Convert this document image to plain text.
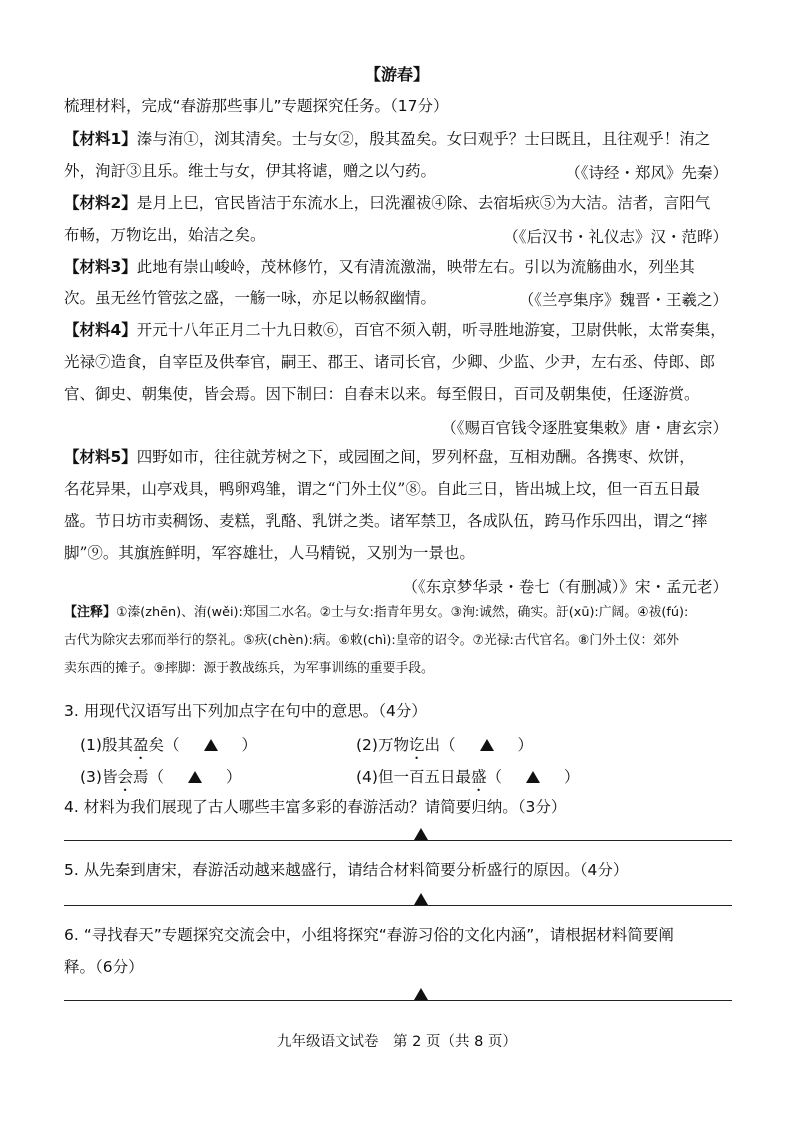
【游春】
梳理材料，完成“春游那些事儿”专题探究任务。（17分）
【材料1】溱与洧①，浏其清矣。士与女②，殷其盈矣。女曰观乎？士曰既且，且往观乎！洧之
外，洵訏③且乐。维士与女，伊其将谑，赠之以勺药。	（《诗经・郑风》先秦）
【材料2】是月上巳，官民皆洁于东流水上，曰洗濯祓④除、去宿垢疢⑤为大洁。洁者，言阳气
布畅，万物讫出，始洁之矣。	（《后汉书・礼仪志》汉・范晔）
【材料3】此地有崇山峻岭，茂林修竹，又有清流激湍，映带左右。引以为流觞曲水，列坐其
次。虽无丝竹管弦之盛，一觞一咏，亦足以畅叙幽情。	（《兰亭集序》魏晋・王羲之）
【材料4】开元十八年正月二十九日敕⑥，百官不须入朝，听寻胜地游宴，卫尉供帐，太常奏集，
光禄⑦造食，自宰臣及供奉官，嗣王、郡王、诸司长官，少卿、少监、少尹，左右丞、侍郎、郎
官、御史、朝集使，皆会焉。因下制曰：自春末以来。每至假日，百司及朝集使，任逐游赏。
（《赐百官钱令逐胜宴集敕》唐・唐玄宗）
【材料5】四野如市，往往就芳树之下，或园囿之间，罗列杯盘，互相劝酬。各携枣、炊饼，
名花异果，山亭戏具，鸭卵鸡雏，谓之“门外土仪”⑧。自此三日，皆出城上坟，但一百五日最
盛。节日坊市卖稠饧、麦糕，乳酪、乳饼之类。诸军禁卫，各成队伍，跨马作乐四出，谓之“摔
脚”⑨。其旗旌鲜明，军容雄壮，人马精锐，又别为一景也。
（《东京梦华录・卷七（有删减）》宋・孟元老）
【注释】①溱(zhēn)、洧(wěi):郑国二水名。②士与女:指青年男女。③洵:诚然，确实。訏(xū):广阔。④祓(fú):
古代为除灾去邪而举行的祭礼。⑤疢(chèn):病。⑥敕(chì):皇帝的诏令。⑦光禄:古代官名。⑧门外土仪：郊外
卖东西的摊子。⑨摔脚：源于教战练兵，为军事训练的重要手段。
3. 用现代汉语写出下列加点字在句中的意思。（4分）
(1)殷其盈矣（	）	(2)万物讫出（	）
(3)皆会焉（	）	(4)但一百五日最盛（	）
4. 材料为我们展现了古人哪些丰富多彩的春游活动？请简要归纳。（3分）
5. 从先秦到唐宋，春游活动越来越盛行，请结合材料简要分析盛行的原因。（4分）
6. “寻找春天”专题探究交流会中，小组将探究“春游习俗的文化内涵”，请根据材料简要阐
释。（6分）
九年级语文试卷　第 2 页（共 8 页）
